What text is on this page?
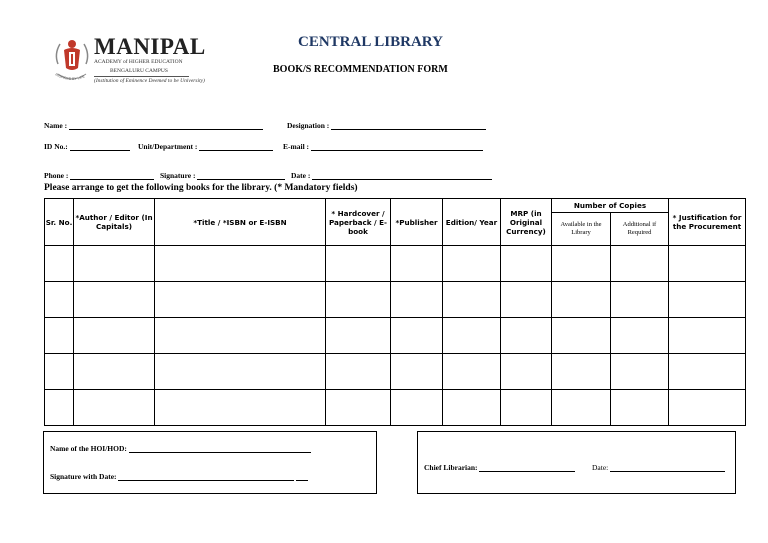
INSPIRED BY LIFE
MANIPAL
ACADEMY of HIGHER EDUCATION
BENGALURU CAMPUS
(Institution of Eminence Deemed to be University)
CENTRAL LIBRARY
BOOK/S RECOMMENDATION FORM
Name :	Designation :
ID No.:	Unit/Department :	E-mail :
Phone :	Signature :	Date :
Please arrange to get the following books for the library. (* Mandatory fields)
Sr. No.	*Author / Editor (In Capitals)	*Title / *ISBN or E-ISBN	* Hardcover / Paperback / E-book	*Publisher	Edition/ Year	MRP (in Original Currency)	Number of Copies		* Justification for the Procurement
							Available in the Library	Additional if Required	

Name of the HOI/HOD:
Signature with Date:
Chief Librarian:	Date:
